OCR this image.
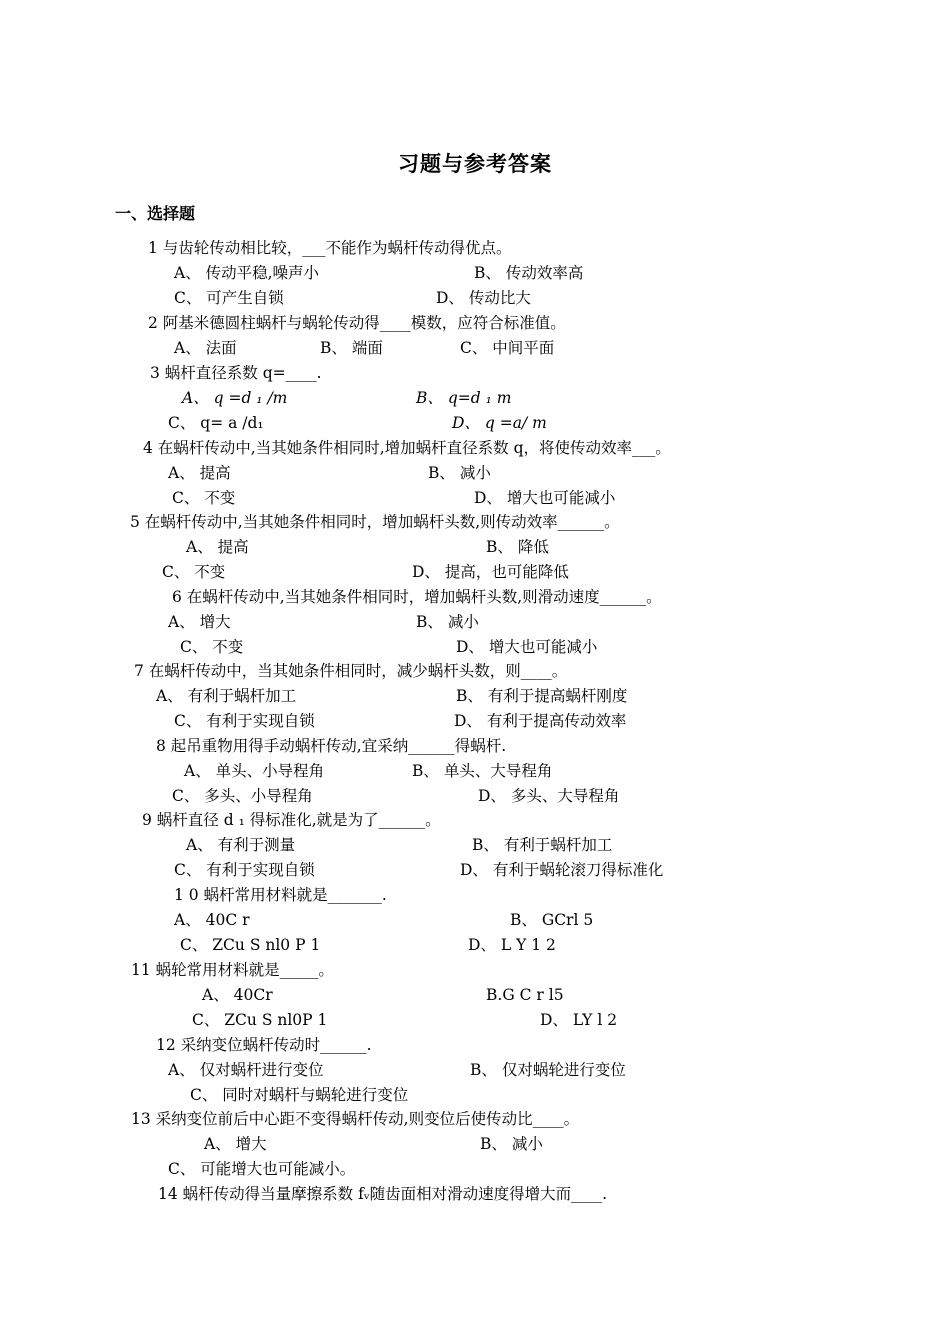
习题与参考答案
一、选择题
1 与齿轮传动相比较，___不能作为蜗杆传动得优点。
A、 传动平稳,噪声小	B、 传动效率高
C、 可产生自锁	D、 传动比大
2 阿基米德圆柱蜗杆与蜗轮传动得____模数，应符合标准值。
A、 法面	B、 端面	C、 中间平面
3 蜗杆直径系数 q=____.
A、 q =d ₁ /m	B、 q=d ₁ m
C、 q= a /d₁	D、 q =a/ m
4 在蜗杆传动中,当其她条件相同时,增加蜗杆直径系数 q，将使传动效率___。
A、 提高	B、 减小
C、 不变	D、 增大也可能减小
5 在蜗杆传动中,当其她条件相同时，增加蜗杆头数,则传动效率______。
A、 提高	B、 降低
C、 不变	D、 提高，也可能降低
6 在蜗杆传动中,当其她条件相同时，增加蜗杆头数,则滑动速度______。
A、 增大	B、 减小
C、 不变	D、 增大也可能减小
7 在蜗杆传动中，当其她条件相同时，减少蜗杆头数，则____。
A、 有利于蜗杆加工	B、 有利于提高蜗杆刚度
C、 有利于实现自锁	D、 有利于提高传动效率
8 起吊重物用得手动蜗杆传动,宜采纳______得蜗杆.
A、 单头、小导程角	B、 单头、大导程角
C、 多头、小导程角	D、 多头、大导程角
9 蜗杆直径 d ₁ 得标准化,就是为了______。
A、 有利于测量	B、 有利于蜗杆加工
C、 有利于实现自锁	D、 有利于蜗轮滚刀得标准化
1 0 蜗杆常用材料就是_______.
A、 40C r	B、 GCrl 5
C、 ZCu S nl0 P 1	D、 L Y 1 2
11 蜗轮常用材料就是_____。
A、 40Cr	B.G C r l5
C、 ZCu S nl0P 1	D、 LY l 2
12 采纳变位蜗杆传动时______.
A、 仅对蜗杆进行变位	B、 仅对蜗轮进行变位
C、 同时对蜗杆与蜗轮进行变位
13 采纳变位前后中心距不变得蜗杆传动,则变位后使传动比____。
A、 增大	B、 减小
C、 可能增大也可能减小。
14 蜗杆传动得当量摩擦系数 fᵥ随齿面相对滑动速度得增大而____.
